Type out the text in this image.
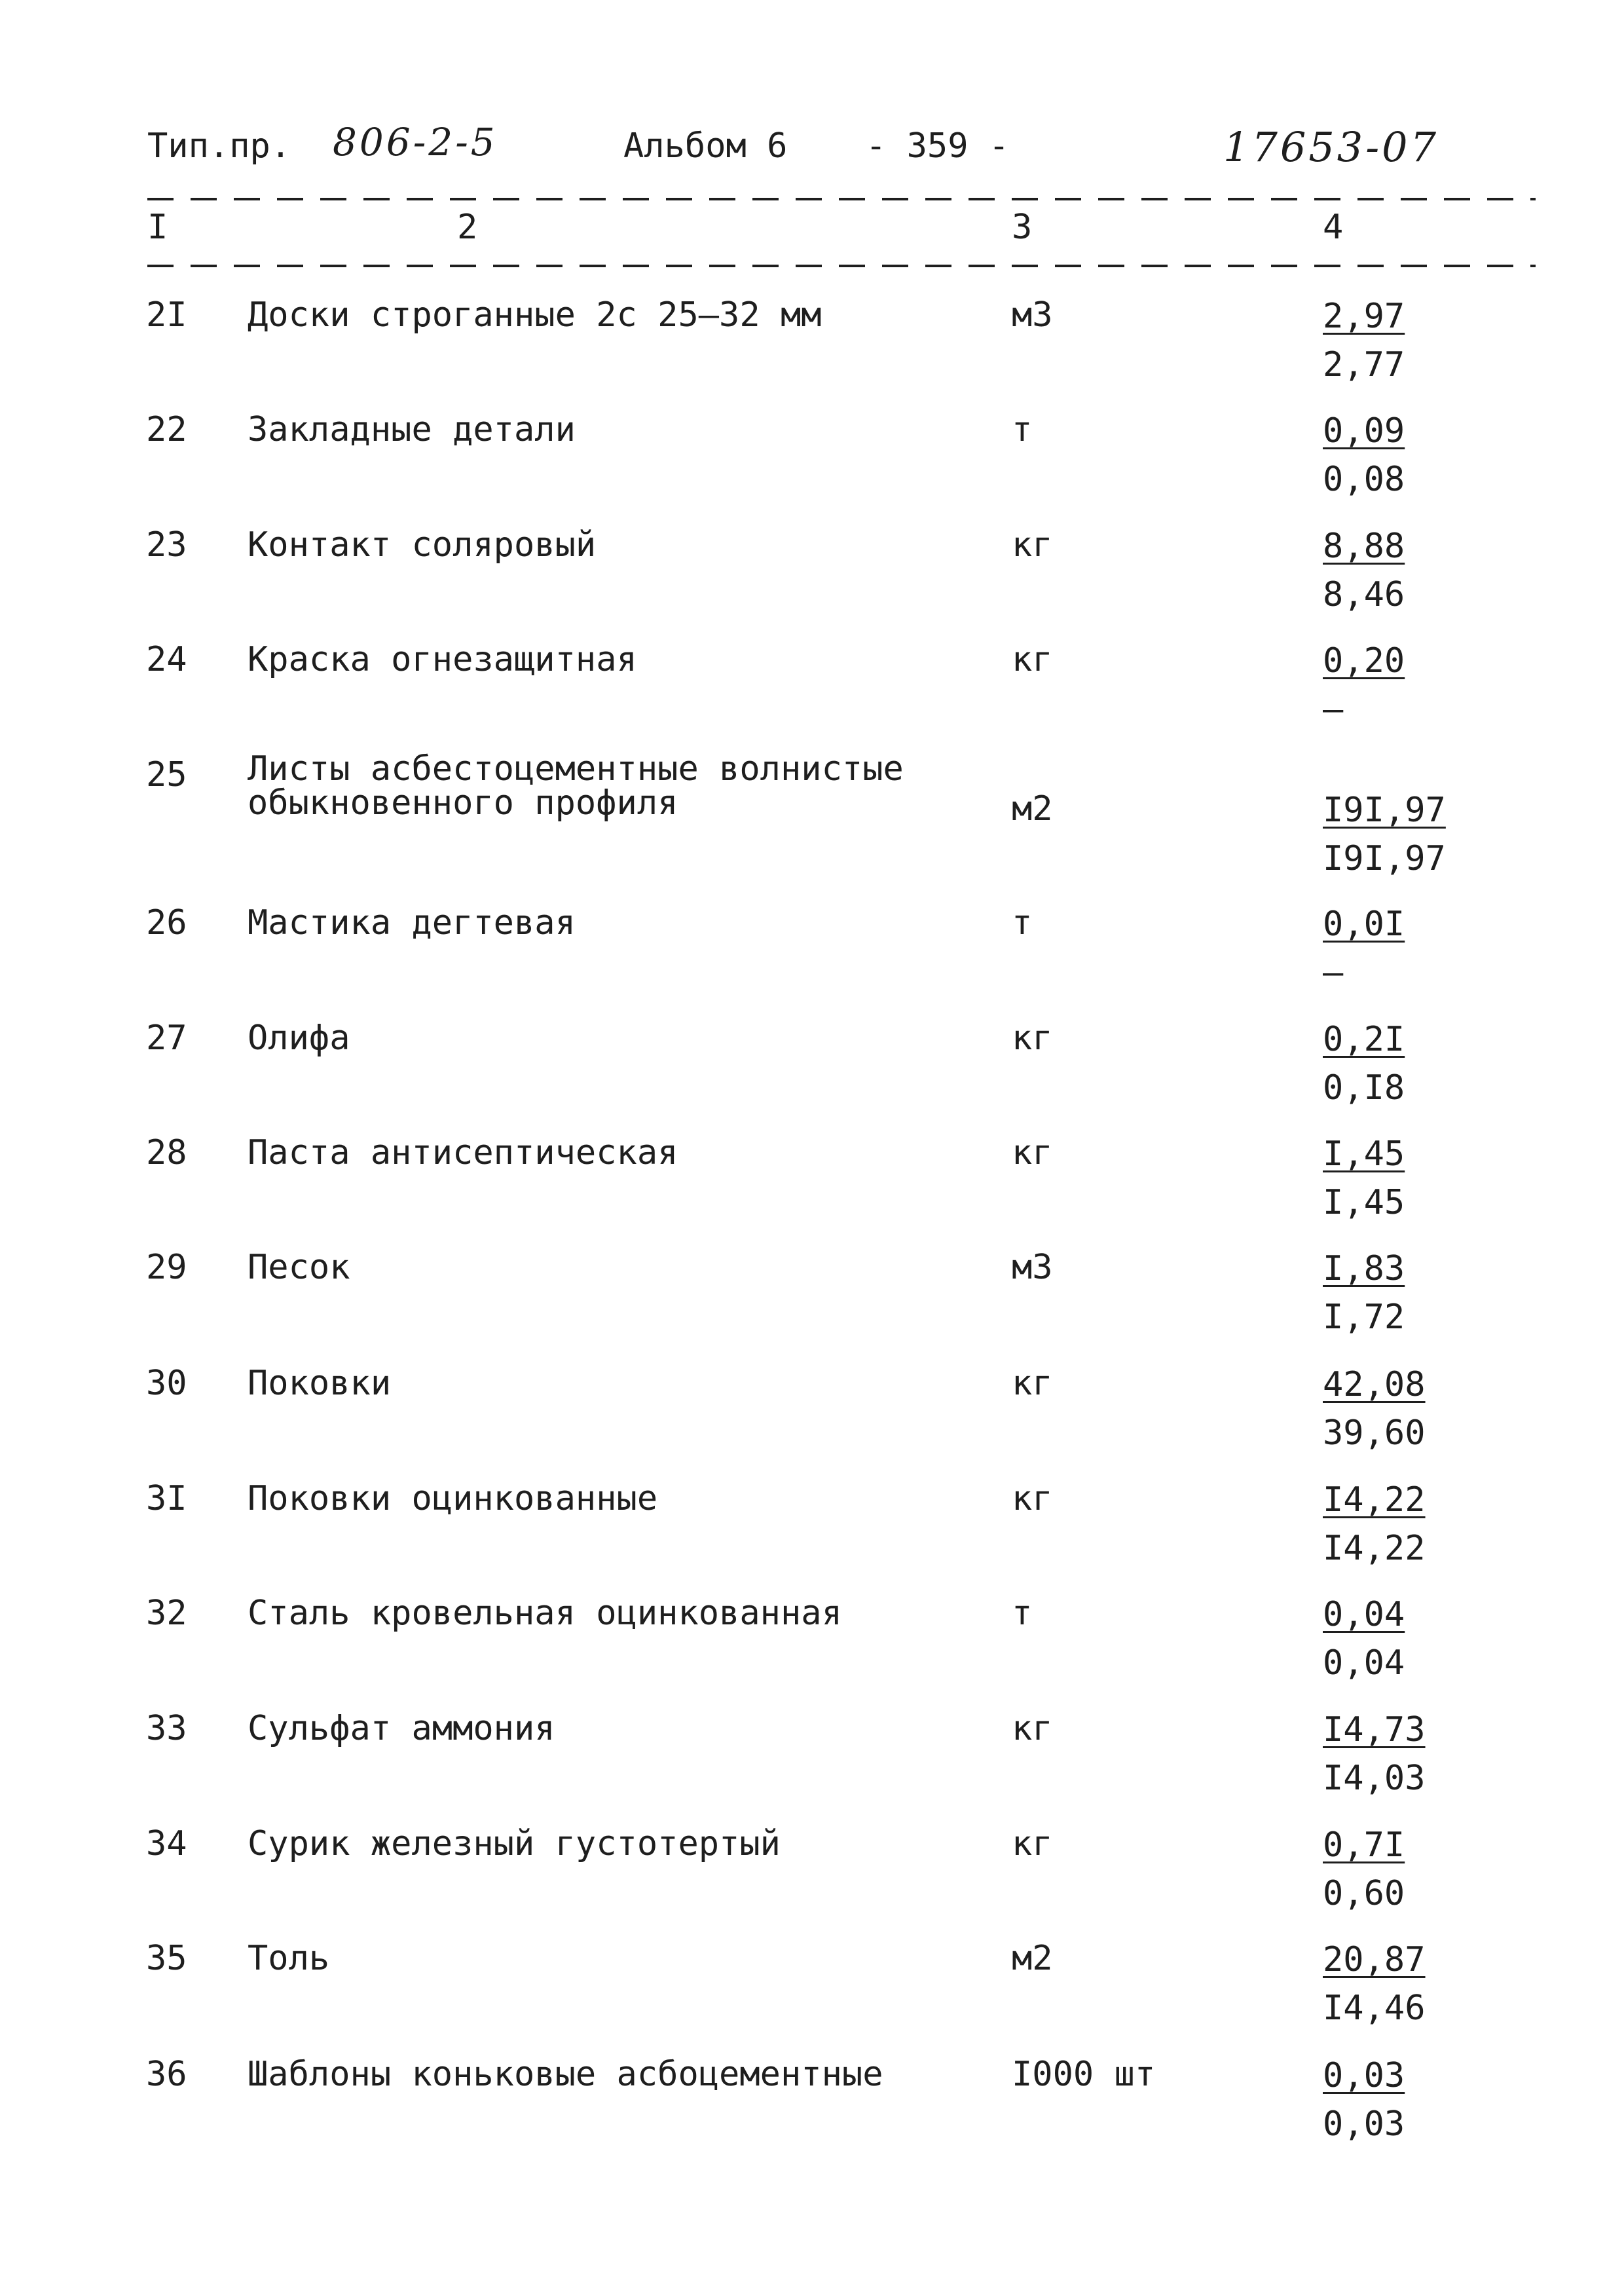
Тип.пр. 806-2-5	Альбом 6 - 359 -	17653-07
I	2	3	4
2I Доски строганные 2с 25–32 мм	м3	2,97
2,77
22 Закладные детали	т	0,09
0,08
23 Контакт соляровый	кг	8,88
8,46
24 Краска огнезащитная	кг	0,20
–
25 Листы асбестоцементные волнистые
обыкновенного профиля	м2	I9I,97
I9I,97
26 Мастика дегтевая	т	0,0I
–
27 Олифа	кг	0,2I
0,I8
28 Паста антисептическая	кг	I,45
I,45
29 Песок	м3	I,83
I,72
30 Поковки	кг	42,08
39,60
3I Поковки оцинкованные	кг	I4,22
I4,22
32 Сталь кровельная оцинкованная	т	0,04
0,04
33 Сульфат аммония	кг	I4,73
I4,03
34 Сурик железный густотертый	кг	0,7I
0,60
35 Толь	м2	20,87
I4,46
36 Шаблоны коньковые асбоцементные	I000 шт	0,03
0,03
